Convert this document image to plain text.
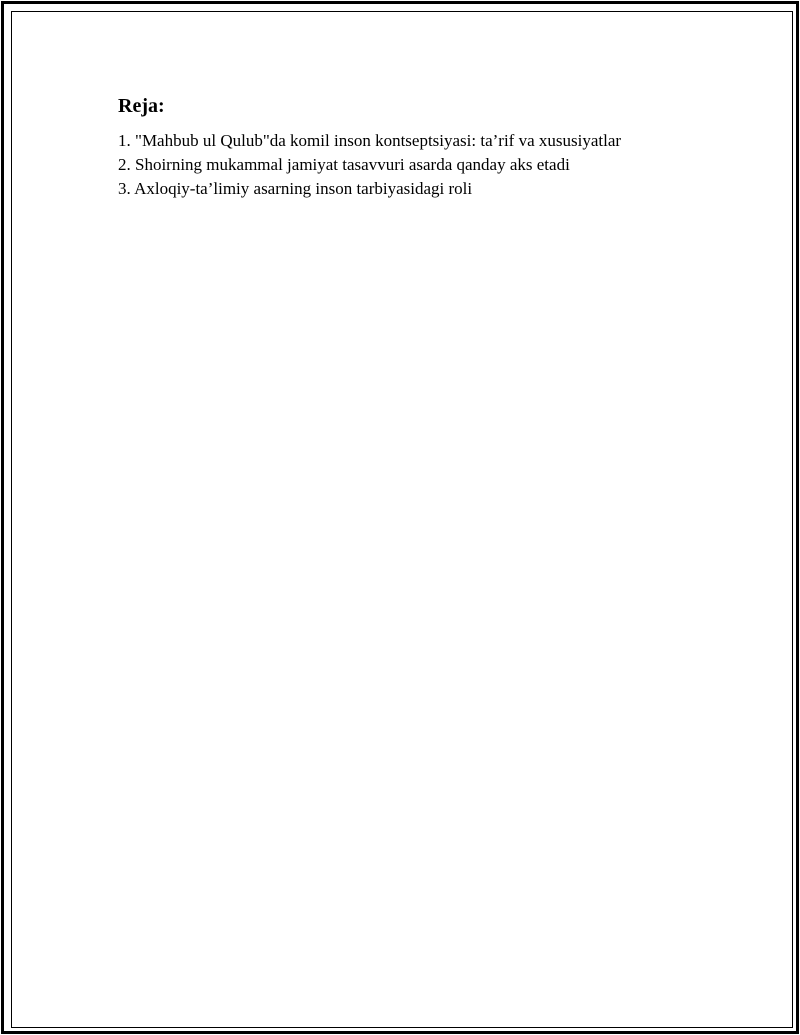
Reja:
1. "Mahbub ul Qulub"da komil inson kontseptsiyasi: ta’rif va xususiyatlar
2. Shoirning mukammal jamiyat tasavvuri asarda qanday aks etadi
3. Axloqiy-ta’limiy asarning inson tarbiyasidagi roli
